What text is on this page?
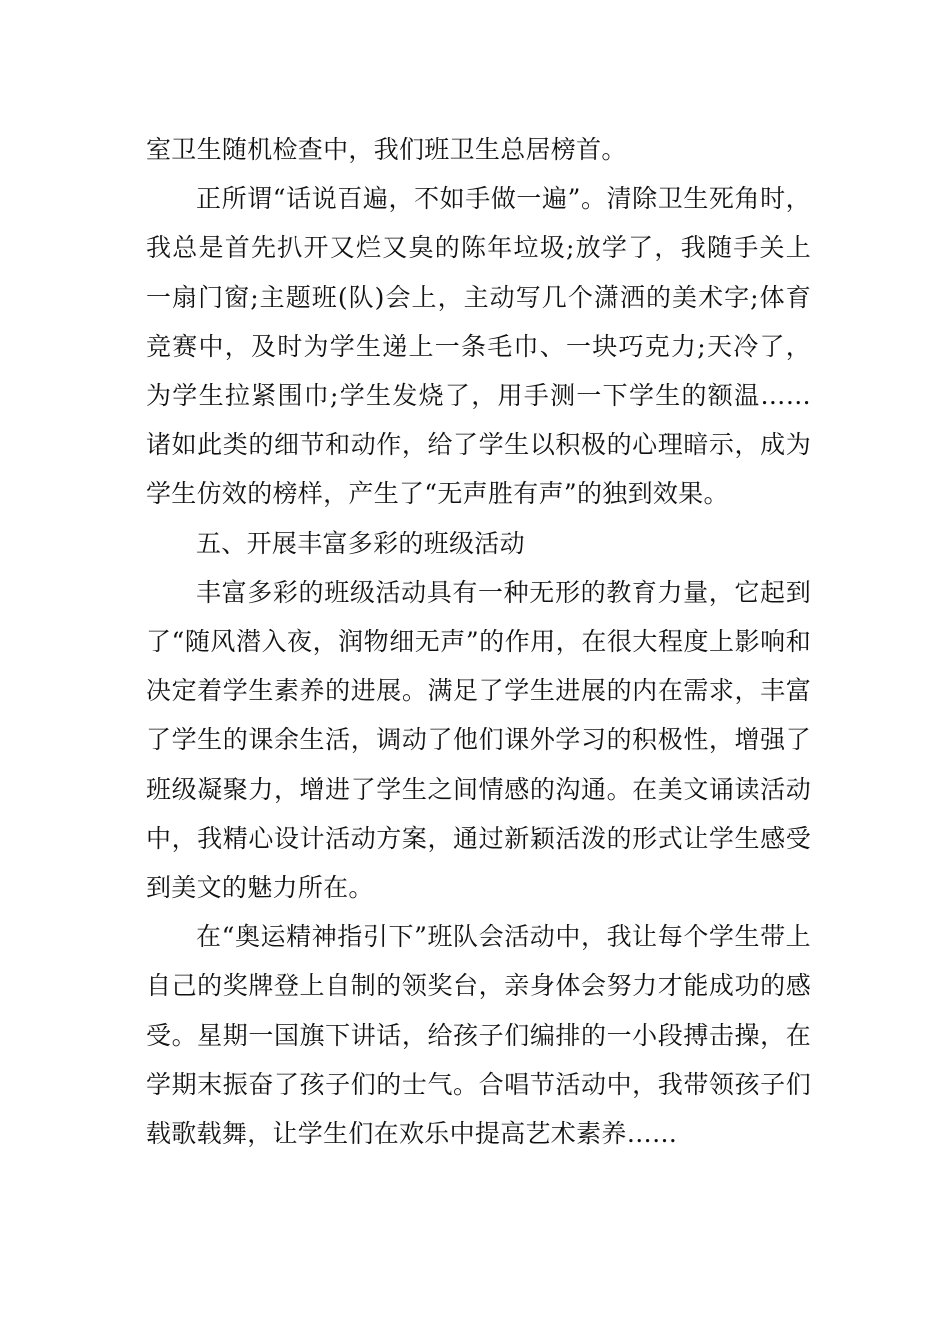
室卫生随机检查中，我们班卫生总居榜首。

正所谓“话说百遍，不如手做一遍”。清除卫生死角时，我总是首先扒开又烂又臭的陈年垃圾;放学了，我随手关上一扇门窗;主题班(队)会上，主动写几个潇洒的美术字;体育竞赛中，及时为学生递上一条毛巾、一块巧克力;天冷了，为学生拉紧围巾;学生发烧了，用手测一下学生的额温……诸如此类的细节和动作，给了学生以积极的心理暗示，成为学生仿效的榜样，产生了“无声胜有声”的独到效果。

五、开展丰富多彩的班级活动

丰富多彩的班级活动具有一种无形的教育力量，它起到了“随风潜入夜，润物细无声”的作用，在很大程度上影响和决定着学生素养的进展。满足了学生进展的内在需求，丰富了学生的课余生活，调动了他们课外学习的积极性，增强了班级凝聚力，增进了学生之间情感的沟通。在美文诵读活动中，我精心设计活动方案，通过新颖活泼的形式让学生感受到美文的魅力所在。

在“奥运精神指引下”班队会活动中，我让每个学生带上自己的奖牌登上自制的领奖台，亲身体会努力才能成功的感受。星期一国旗下讲话，给孩子们编排的一小段搏击操，在学期末振奋了孩子们的士气。合唱节活动中，我带领孩子们载歌载舞，让学生们在欢乐中提高艺术素养……
